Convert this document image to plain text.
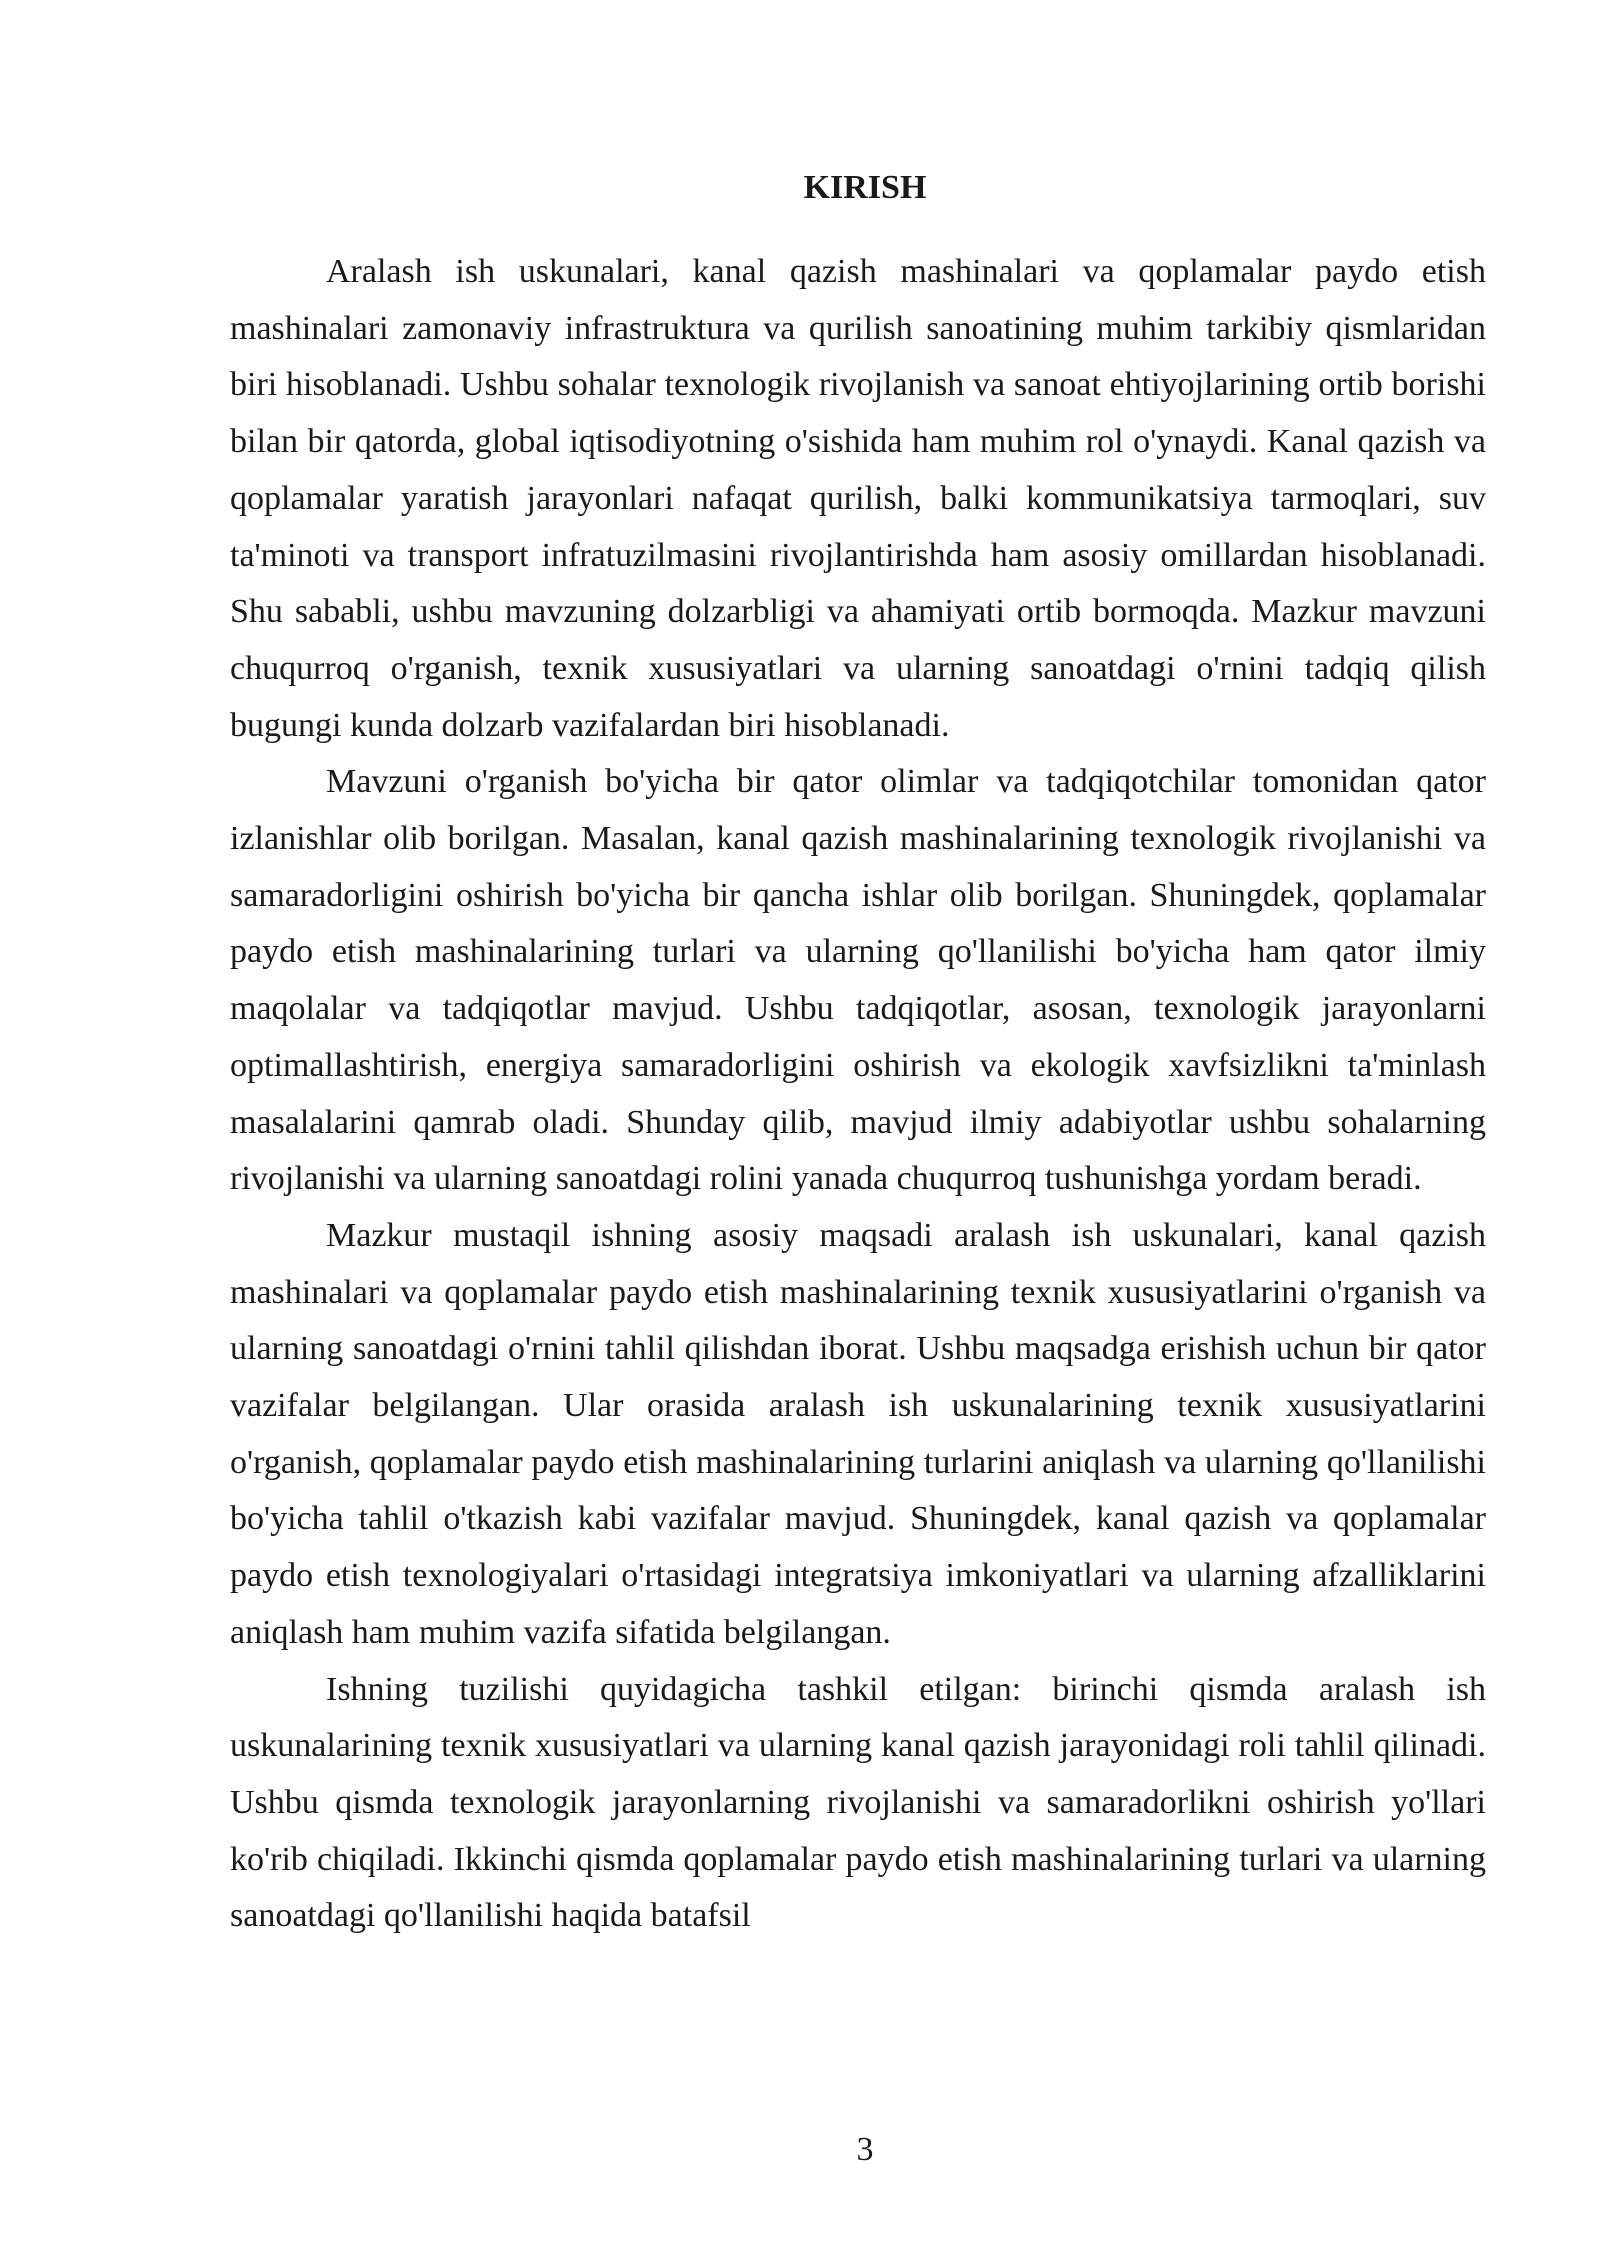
KIRISH

Aralash ish uskunalari, kanal qazish mashinalari va qoplamalar paydo etish mashinalari zamonaviy infrastruktura va qurilish sanoatining muhim tarkibiy qismlaridan biri hisoblanadi. Ushbu sohalar texnologik rivojlanish va sanoat ehtiyojlarining ortib borishi bilan bir qatorda, global iqtisodiyotning o'sishida ham muhim rol o'ynaydi. Kanal qazish va qoplamalar yaratish jarayonlari nafaqat qurilish, balki kommunikatsiya tarmoqlari, suv ta'minoti va transport infratuzilmasini rivojlantirishda ham asosiy omillardan hisoblanadi. Shu sababli, ushbu mavzuning dolzarbligi va ahamiyati ortib bormoqda. Mazkur mavzuni chuqurroq o'rganish, texnik xususiyatlari va ularning sanoatdagi o'rnini tadqiq qilish bugungi kunda dolzarb vazifalardan biri hisoblanadi.

Mavzuni o'rganish bo'yicha bir qator olimlar va tadqiqotchilar tomonidan qator izlanishlar olib borilgan. Masalan, kanal qazish mashinalarining texnologik rivojlanishi va samaradorligini oshirish bo'yicha bir qancha ishlar olib borilgan. Shuningdek, qoplamalar paydo etish mashinalarining turlari va ularning qo'llanilishi bo'yicha ham qator ilmiy maqolalar va tadqiqotlar mavjud. Ushbu tadqiqotlar, asosan, texnologik jarayonlarni optimallashtirish, energiya samaradorligini oshirish va ekologik xavfsizlikni ta'minlash masalalarini qamrab oladi. Shunday qilib, mavjud ilmiy adabiyotlar ushbu sohalarning rivojlanishi va ularning sanoatdagi rolini yanada chuqurroq tushunishga yordam beradi.

Mazkur mustaqil ishning asosiy maqsadi aralash ish uskunalari, kanal qazish mashinalari va qoplamalar paydo etish mashinalarining texnik xususiyatlarini o'rganish va ularning sanoatdagi o'rnini tahlil qilishdan iborat. Ushbu maqsadga erishish uchun bir qator vazifalar belgilangan. Ular orasida aralash ish uskunalarining texnik xususiyatlarini o'rganish, qoplamalar paydo etish mashinalarining turlarini aniqlash va ularning qo'llanilishi bo'yicha tahlil o'tkazish kabi vazifalar mavjud. Shuningdek, kanal qazish va qoplamalar paydo etish texnologiyalari o'rtasidagi integratsiya imkoniyatlari va ularning afzalliklarini aniqlash ham muhim vazifa sifatida belgilangan.

Ishning tuzilishi quyidagicha tashkil etilgan: birinchi qismda aralash ish uskunalarining texnik xususiyatlari va ularning kanal qazish jarayonidagi roli tahlil qilinadi. Ushbu qismda texnologik jarayonlarning rivojlanishi va samaradorlikni oshirish yo'llari ko'rib chiqiladi. Ikkinchi qismda qoplamalar paydo etish mashinalarining turlari va ularning sanoatdagi qo'llanilishi haqida batafsil

3
